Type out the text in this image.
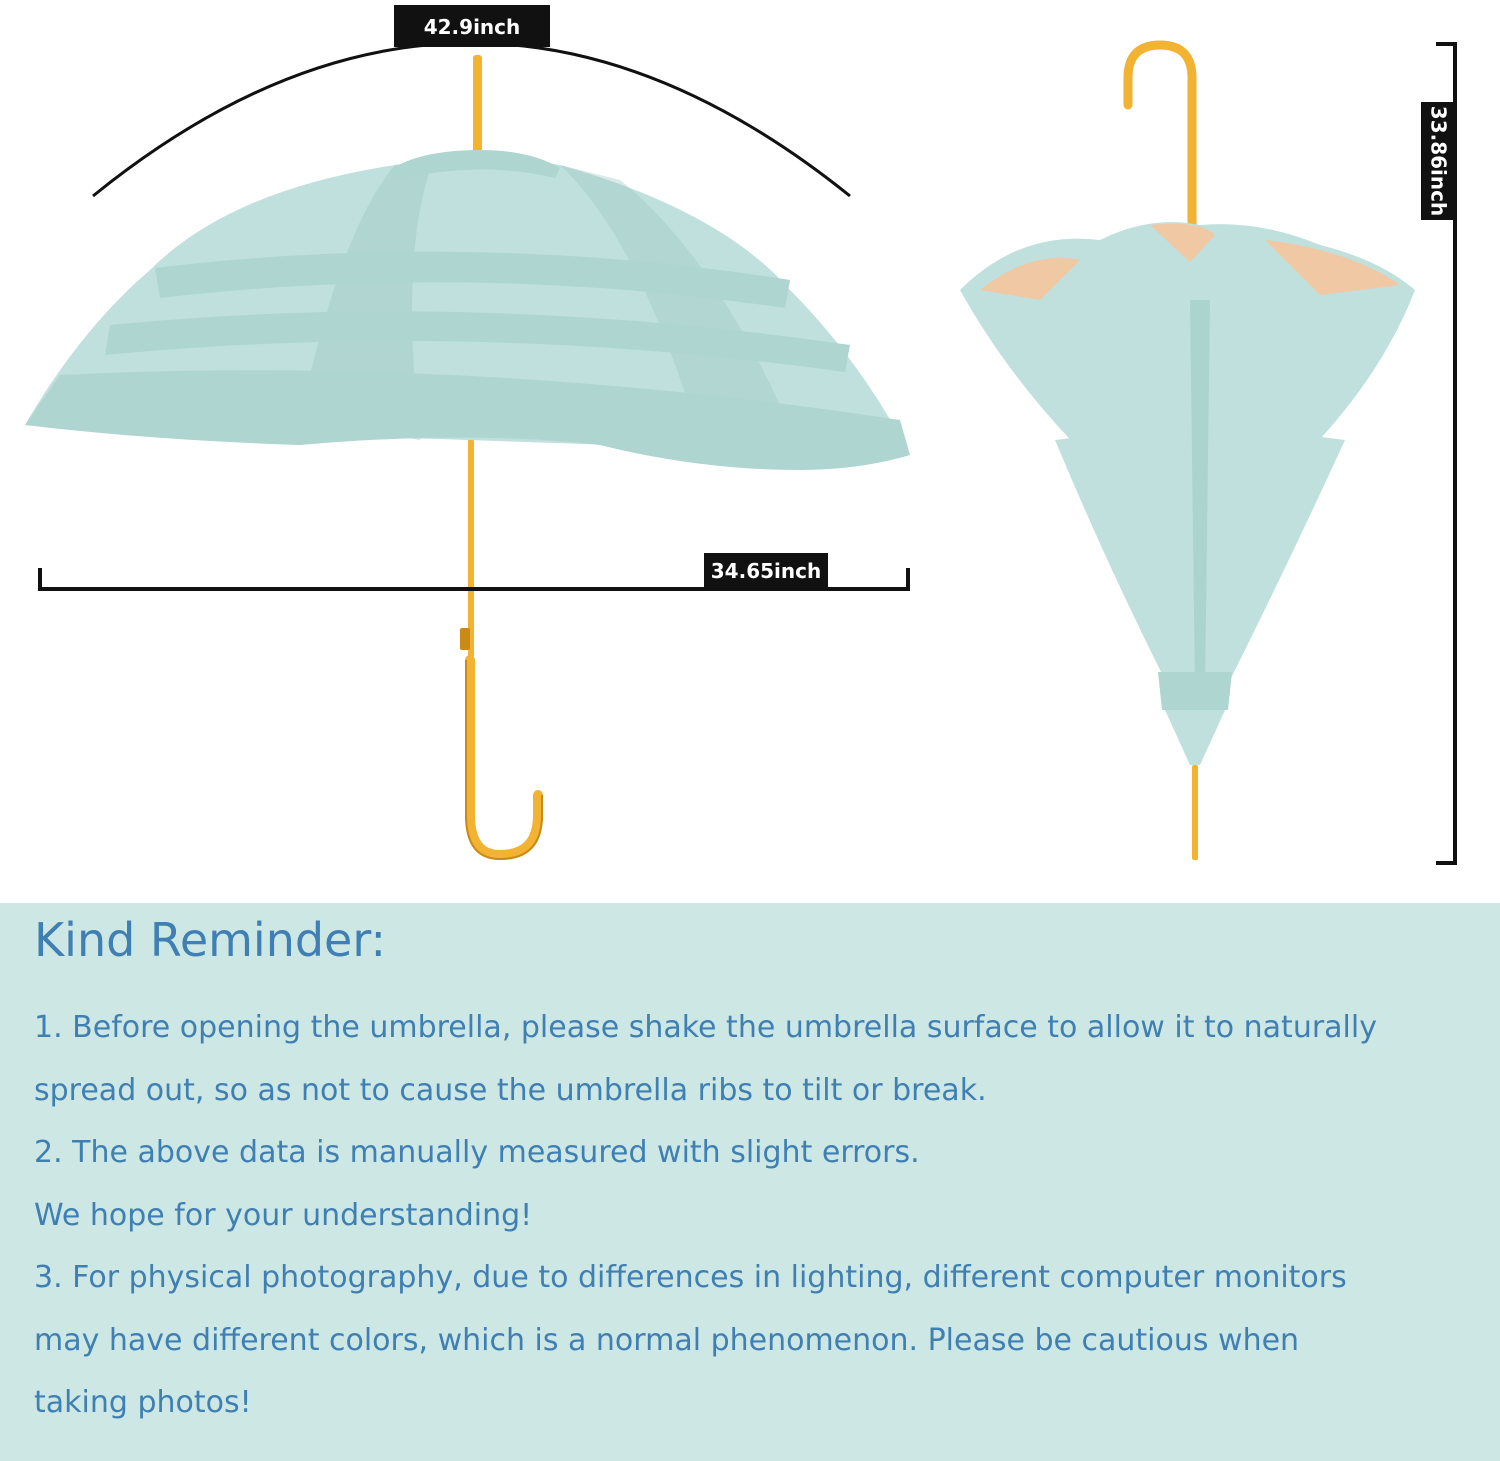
42.9inch
34.65inch
33.86inch
Kind Reminder:

1. Before opening the umbrella, please shake the umbrella surface to allow it to naturally

spread out, so as not to cause the umbrella ribs to tilt or break.

2. The above data is manually measured with slight errors.

We hope for your understanding!

3. For physical photography, due to differences in lighting, different computer monitors

may have different colors, which is a normal phenomenon. Please be cautious when

taking photos!
